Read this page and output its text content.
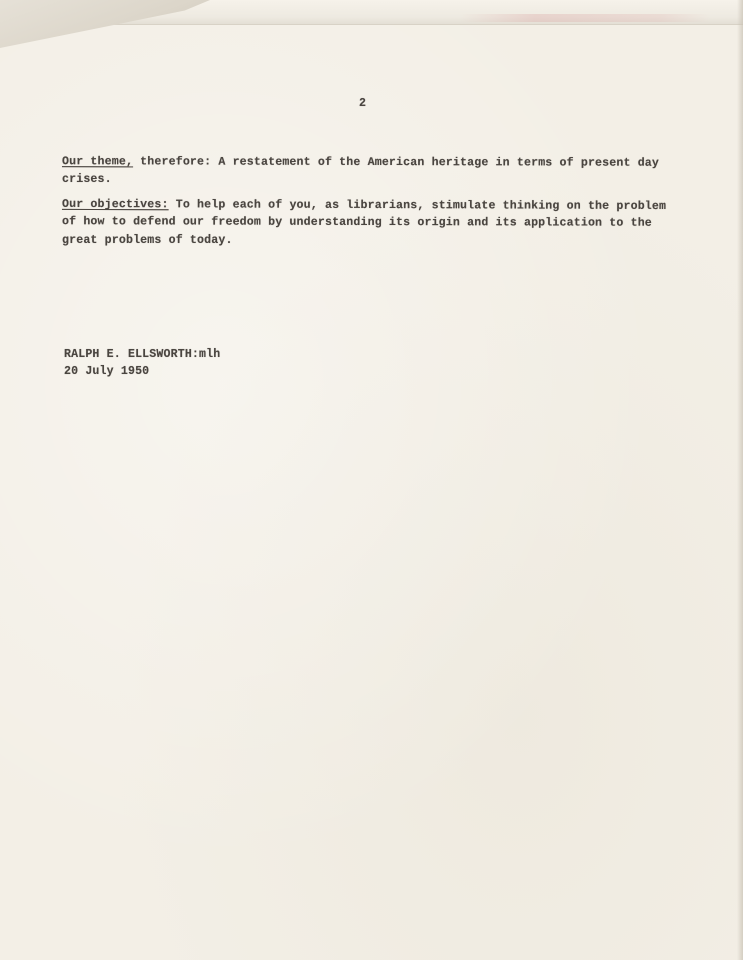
2
Our theme, therefore: A restatement of the American heritage in terms of present day
crises.
Our objectives: To help each of you, as librarians, stimulate thinking on the problem
of how to defend our freedom by understanding its origin and its application to the
great problems of today.
RALPH E. ELLSWORTH:mlh
20 July 1950
